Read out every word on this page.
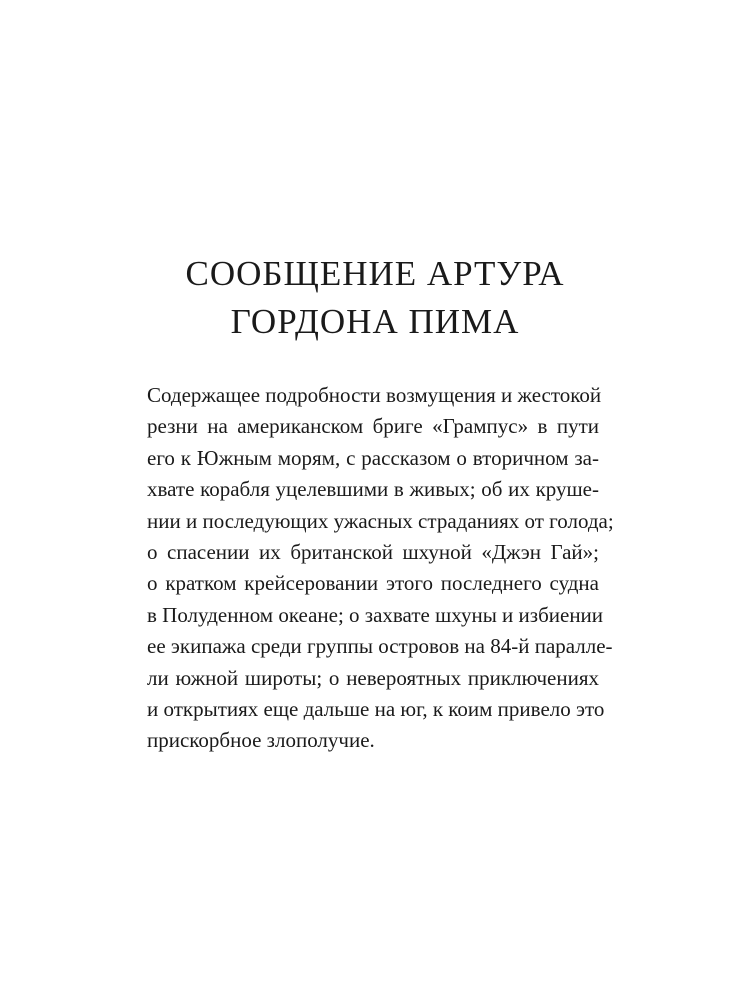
СООБЩЕНИЕ АРТУРА
ГОРДОНА ПИМА
Содержащее подробности возмущения и жестокой
резни на американском бриге «Грампус» в пути
его к Южным морям, с рассказом о вторичном за-
хвате корабля уцелевшими в живых; об их круше-
нии и последующих ужасных страданиях от голода;
о спасении их британской шхуной «Джэн Гай»;
о кратком крейсеровании этого последнего судна
в Полуденном океане; о захвате шхуны и избиении
ее экипажа среди группы островов на 84-й паралле-
ли южной широты; о невероятных приключениях
и открытиях еще дальше на юг, к коим привело это
прискорбное злополучие.
